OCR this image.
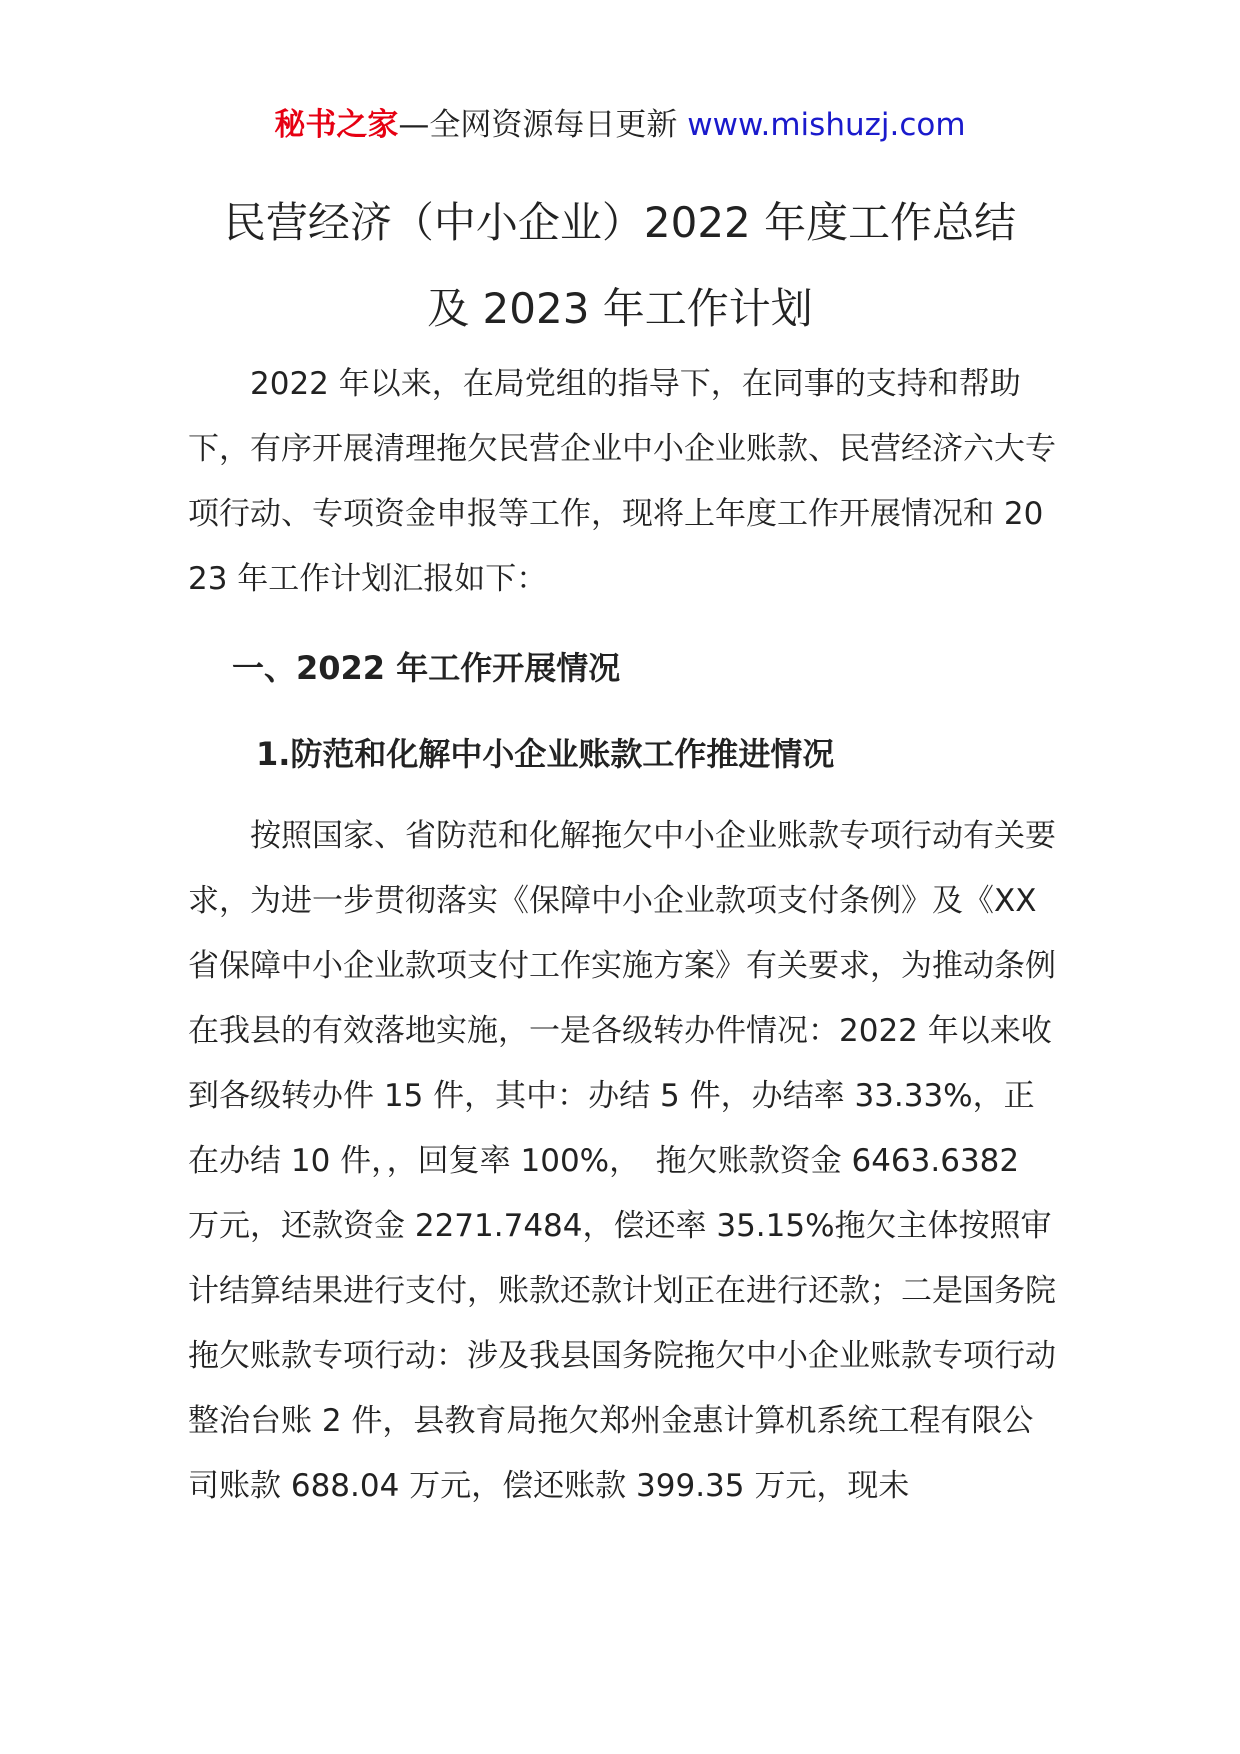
秘书之家—全网资源每日更新 www.mishuzj.com
民营经济（中小企业）2022 年度工作总结
及 2023 年工作计划

2022 年以来，在局党组的指导下，在同事的支持和帮助下，有序开展清理拖欠民营企业中小企业账款、民营经济六大专项行动、专项资金申报等工作，现将上年度工作开展情况和 2023 年工作计划汇报如下：

一、2022 年工作开展情况
1.防范和化解中小企业账款工作推进情况

按照国家、省防范和化解拖欠中小企业账款专项行动有关要求，为进一步贯彻落实《保障中小企业款项支付条例》及《XX 省保障中小企业款项支付工作实施方案》有关要求，为推动条例在我县的有效落地实施，一是各级转办件情况：2022 年以来收到各级转办件 15 件，其中：办结 5 件，办结率 33.33%，正在办结 10 件，，回复率 100%，　拖欠账款资金 6463.6382 万元，还款资金 2271.7484，偿还率 35.15%拖欠主体按照审计结算结果进行支付，账款还款计划正在进行还款；二是国务院拖欠账款专项行动：涉及我县国务院拖欠中小企业账款专项行动整治台账 2 件，县教育局拖欠郑州金惠计算机系统工程有限公司账款 688.04 万元，偿还账款 399.35 万元，现未
